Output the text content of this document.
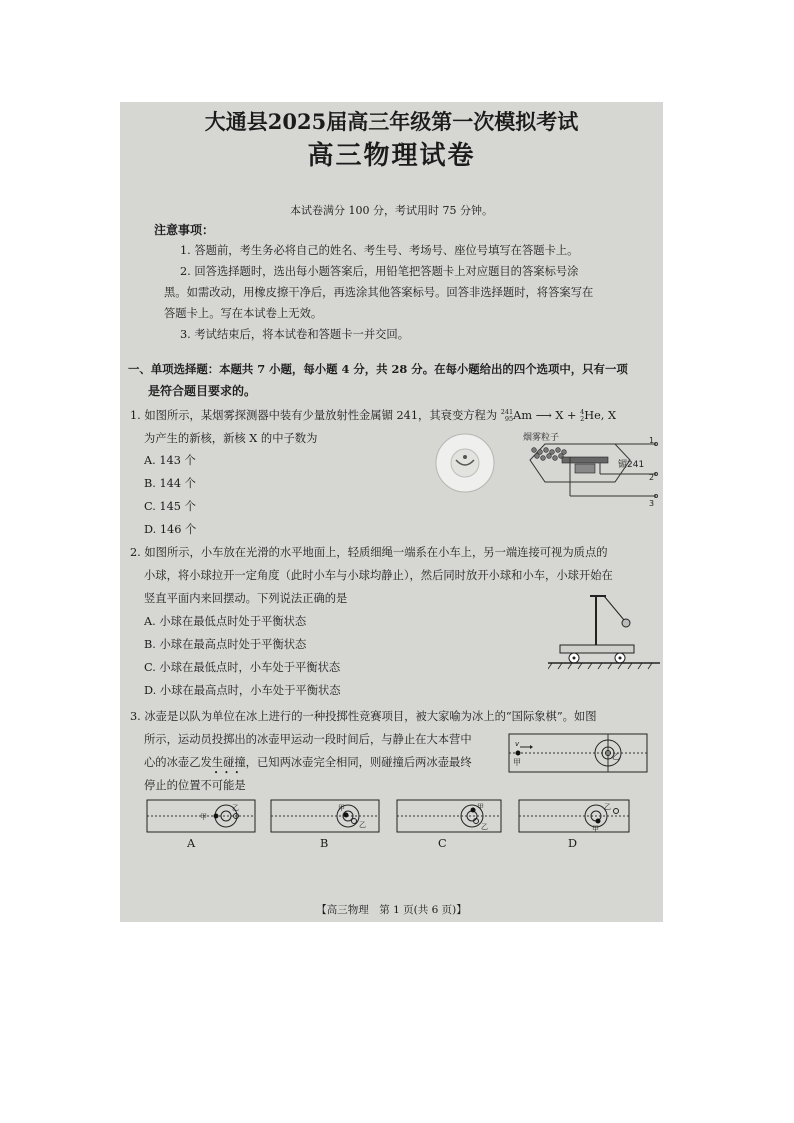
大通县2025届高三年级第一次模拟考试
高三物理试卷
本试卷满分 100 分，考试用时 75 分钟。
注意事项：
1. 答题前，考生务必将自己的姓名、考生号、考场号、座位号填写在答题卡上。
2. 回答选择题时，选出每小题答案后，用铅笔把答题卡上对应题目的答案标号涂
黑。如需改动，用橡皮擦干净后，再选涂其他答案标号。回答非选择题时，将答案写在
答题卡上。写在本试卷上无效。
3. 考试结束后，将本试卷和答题卡一并交回。
一、单项选择题：本题共 7 小题，每小题 4 分，共 28 分。在每小题给出的四个选项中，只有一项
是符合题目要求的。
1. 如图所示，某烟雾探测器中装有少量放射性金属镅 241，其衰变方程为 241
95Am ⟶ X + 4
2He, X
为产生的新核，新核 X 的中子数为
A. 143 个
B. 144 个
C. 145 个
D. 146 个
烟雾粒子
镅241
1
2
3
2. 如图所示，小车放在光滑的水平地面上，轻质细绳一端系在小车上，另一端连接可视为质点的
小球，将小球拉开一定角度（此时小车与小球均静止），然后同时放开小球和小车，小球开始在
竖直平面内来回摆动。下列说法正确的是
A. 小球在最低点时处于平衡状态
B. 小球在最高点时处于平衡状态
C. 小球在最低点时，小车处于平衡状态
D. 小球在最高点时，小车处于平衡状态
3. 冰壶是以队为单位在冰上进行的一种投掷性竞赛项目，被大家喻为冰上的“国际象棋”。如图
所示，运动员投掷出的冰壶甲运动一段时间后，与静止在大本营中
心的冰壶乙发生碰撞，已知两冰壶完全相同，则碰撞后两冰壶最终
停止的位置不可能是
• • •
乙
甲
v
甲
乙
A
甲
乙
B
甲
乙
C
甲
乙
D
【高三物理　第 1 页(共 6 页)】
